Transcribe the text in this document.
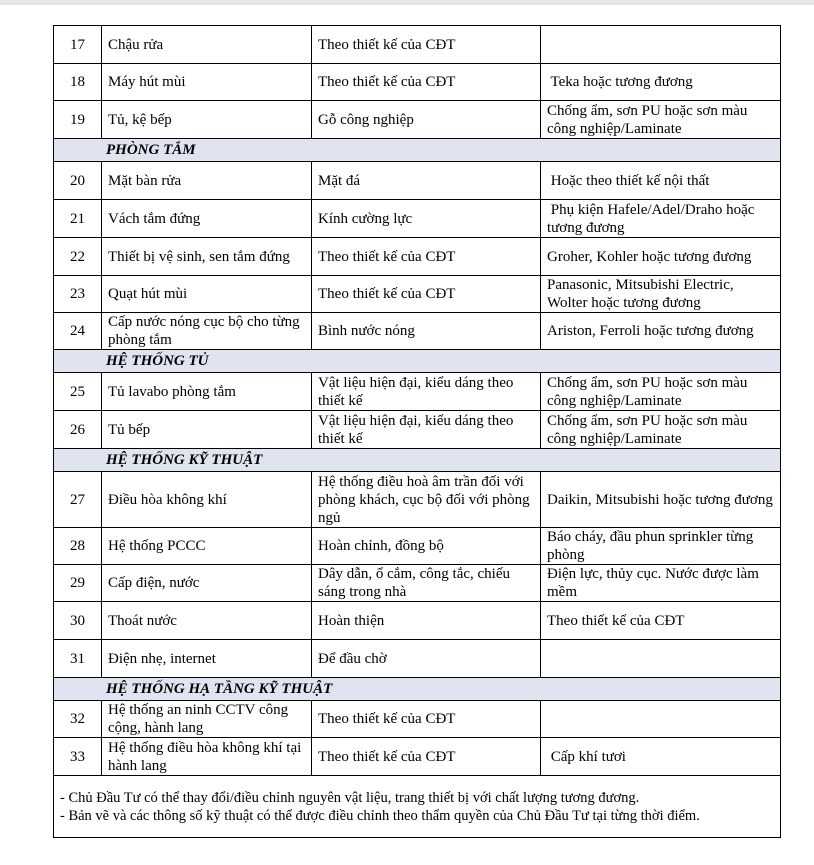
17	Chậu rửa	Theo thiết kế của CĐT	
18	Máy hút mùi	Theo thiết kế của CĐT	Teka hoặc tương đương
19	Tủ, kệ bếp	Gỗ công nghiệp	Chống ẩm, sơn PU hoặc sơn màu công nghiệp/Laminate
PHÒNG TẮM			
20	Mặt bàn rửa	Mặt đá	Hoặc theo thiết kế nội thất
21	Vách tắm đứng	Kính cường lực	Phụ kiện Hafele/Adel/Draho hoặc tương đương
22	Thiết bị vệ sinh, sen tắm đứng	Theo thiết kế của CĐT	Groher, Kohler hoặc tương đương
23	Quạt hút mùi	Theo thiết kế của CĐT	Panasonic, Mitsubishi Electric, Wolter hoặc tương đương
24	Cấp nước nóng cục bộ cho từng phòng tắm	Bình nước nóng	Ariston, Ferroli hoặc tương đương
HỆ THỐNG TỦ			
25	Tủ lavabo phòng tắm	Vật liệu hiện đại, kiểu dáng theo thiết kế	Chống ẩm, sơn PU hoặc sơn màu công nghiệp/Laminate
26	Tủ bếp	Vật liệu hiện đại, kiểu dáng theo thiết kế	Chống ẩm, sơn PU hoặc sơn màu công nghiệp/Laminate
HỆ THỐNG KỸ THUẬT			
27	Điều hòa không khí	Hệ thống điều hoà âm trần đối với phòng khách, cục bộ đối với phòng ngủ	Daikin, Mitsubishi hoặc tương đương
28	Hệ thống PCCC	Hoàn chỉnh, đồng bộ	Báo cháy, đầu phun sprinkler từng phòng
29	Cấp điện, nước	Dây dẫn, ổ cắm, công tắc, chiếu sáng trong nhà	Điện lực, thủy cục. Nước được làm mềm
30	Thoát nước	Hoàn thiện	Theo thiết kế của CĐT
31	Điện nhẹ, internet	Để đầu chờ	
HỆ THỐNG HẠ TẦNG KỸ THUẬT			
32	Hệ thống an ninh CCTV công cộng, hành lang	Theo thiết kế của CĐT	
33	Hệ thống điều hòa không khí tại hành lang	Theo thiết kế của CĐT	Cấp khí tươi

- Chủ Đầu Tư có thể thay đổi/điều chỉnh nguyên vật liệu, trang thiết bị với chất lượng tương đương.
- Bản vẽ và các thông số kỹ thuật có thể được điều chỉnh theo thẩm quyền của Chủ Đầu Tư tại từng thời điểm.			
